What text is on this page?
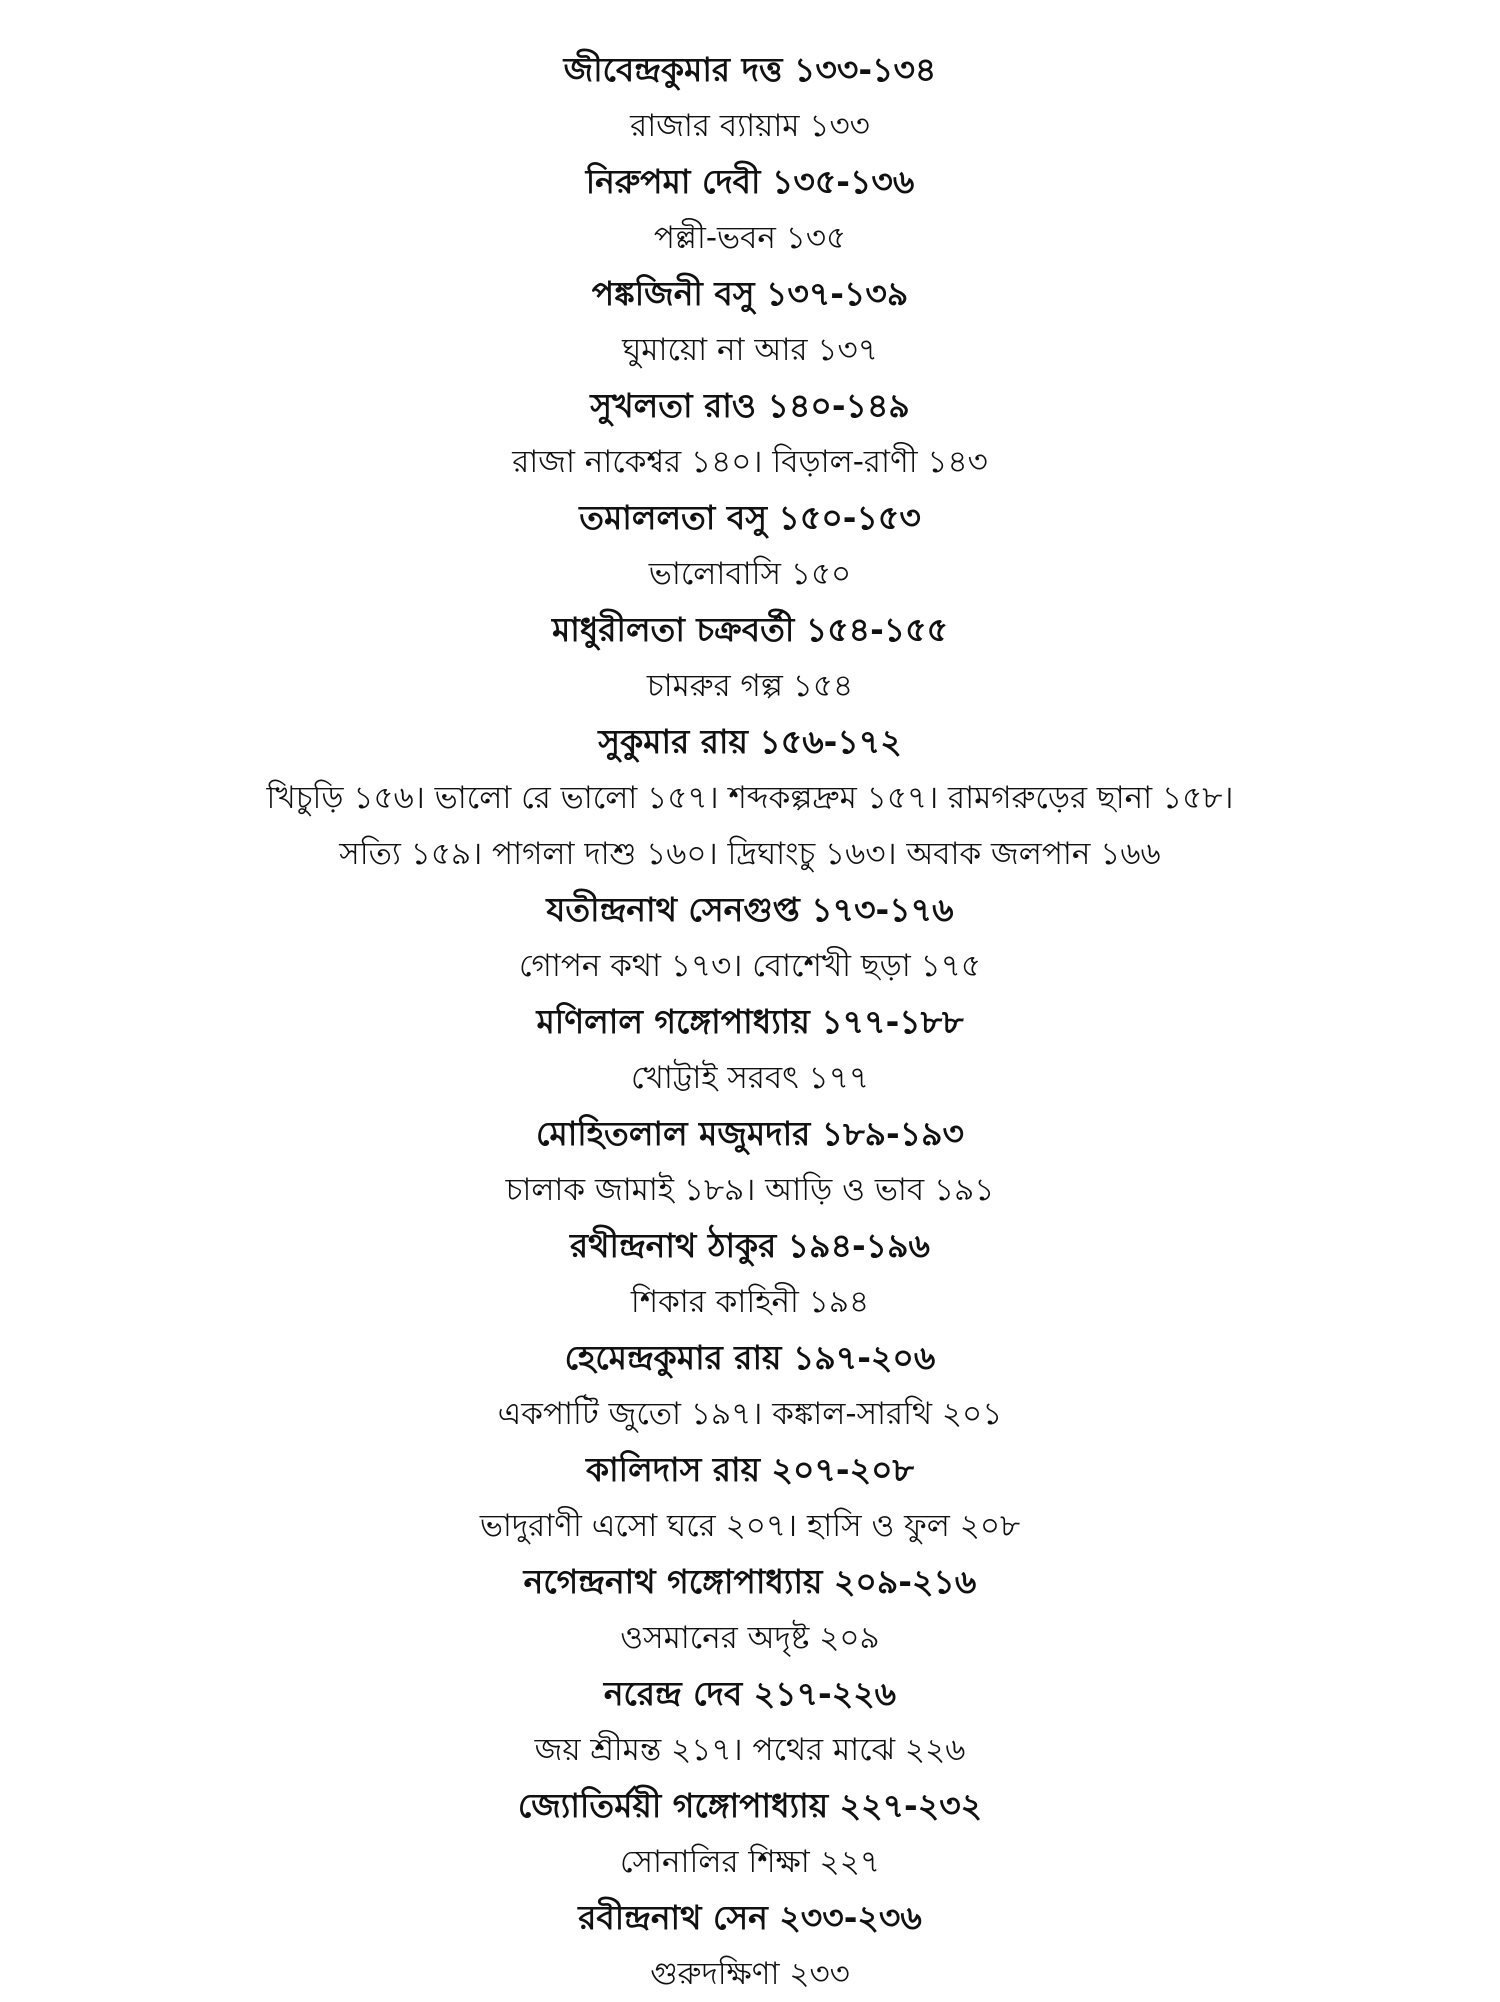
জীবেন্দ্রকুমার দত্ত ১৩৩-১৩৪
রাজার ব্যায়াম ১৩৩
নিরুপমা দেবী ১৩৫-১৩৬
পল্লী-ভবন ১৩৫
পঙ্কজিনী বসু ১৩৭-১৩৯
ঘুমায়ো না আর ১৩৭
সুখলতা রাও ১৪০-১৪৯
রাজা নাকেশ্বর ১৪০। বিড়াল-রাণী ১৪৩
তমাললতা বসু ১৫০-১৫৩
ভালোবাসি ১৫০
মাধুরীলতা চক্রবর্তী ১৫৪-১৫৫
চামরুর গল্প ১৫৪
সুকুমার রায় ১৫৬-১৭২
খিচুড়ি ১৫৬। ভালো রে ভালো ১৫৭। শব্দকল্পদ্রুম ১৫৭। রামগরুড়ের ছানা ১৫৮।
সত্যি ১৫৯। পাগলা দাশু ১৬০। দ্রিঘাংচু ১৬৩। অবাক জলপান ১৬৬
যতীন্দ্রনাথ সেনগুপ্ত ১৭৩-১৭৬
গোপন কথা ১৭৩। বোশেখী ছড়া ১৭৫
মণিলাল গঙ্গোপাধ্যায় ১৭৭-১৮৮
খোট্টাই সরবৎ ১৭৭
মোহিতলাল মজুমদার ১৮৯-১৯৩
চালাক জামাই ১৮৯। আড়ি ও ভাব ১৯১
রথীন্দ্রনাথ ঠাকুর ১৯৪-১৯৬
শিকার কাহিনী ১৯৪
হেমেন্দ্রকুমার রায় ১৯৭-২০৬
একপাটি জুতো ১৯৭। কঙ্কাল-সারথি ২০১
কালিদাস রায় ২০৭-২০৮
ভাদুরাণী এসো ঘরে ২০৭। হাসি ও ফুল ২০৮
নগেন্দ্রনাথ গঙ্গোপাধ্যায় ২০৯-২১৬
ওসমানের অদৃষ্ট ২০৯
নরেন্দ্র দেব ২১৭-২২৬
জয় শ্রীমন্ত ২১৭। পথের মাঝে ২২৬
জ্যোতির্ময়ী গঙ্গোপাধ্যায় ২২৭-২৩২
সোনালির শিক্ষা ২২৭
রবীন্দ্রনাথ সেন ২৩৩-২৩৬
গুরুদক্ষিণা ২৩৩
